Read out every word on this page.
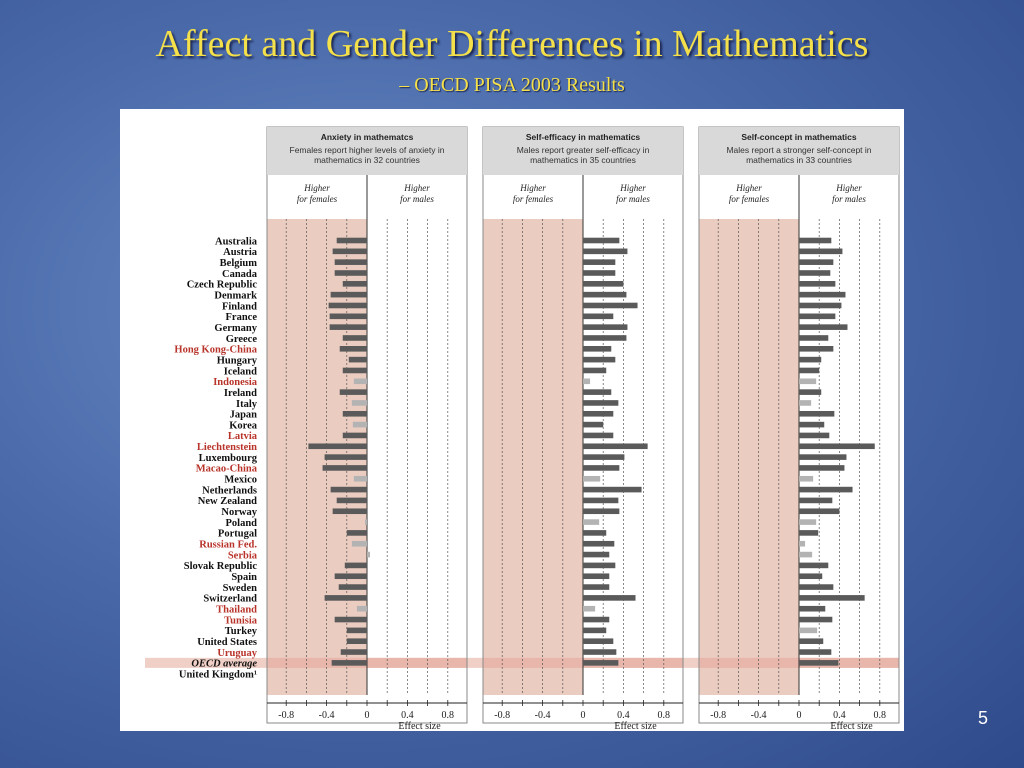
Affect and Gender Differences in Mathematics
– OECD PISA 2003 Results
Anxiety in mathematcs
Females report higher levels of anxiety in
mathematics in 32 countries
Higher
for females
Higher
for males
-0.8 -0.4	0	0.4	0.8
Effect size
Self-efficacy in mathematics
Males report greater self-efficacy in
mathematics in 35 countries
Higher
for females
Higher
for males
-0.8 -0.4	0	0.4	0.8
Effect size
Self-concept in mathematics
Males report a stronger self-concept in
mathematics in 33 countries
Higher
for females
Higher
for males
-0.8 -0.4	0	0.4	0.8
Effect size
Australia
Austria
Belgium
Canada
Czech Republic
Denmark
Finland
France
Germany
Greece
Hong Kong-China
Hungary
Iceland
Indonesia
Ireland
Italy
Japan
Korea
Latvia
Liechtenstein
Luxembourg
Macao-China
Mexico
Netherlands
New Zealand
Norway
Poland
Portugal
Russian Fed.
Serbia
Slovak Republic
Spain
Sweden
Switzerland
Thailand
Tunisia
Turkey
United States
Uruguay
OECD average
United Kingdom¹
5
